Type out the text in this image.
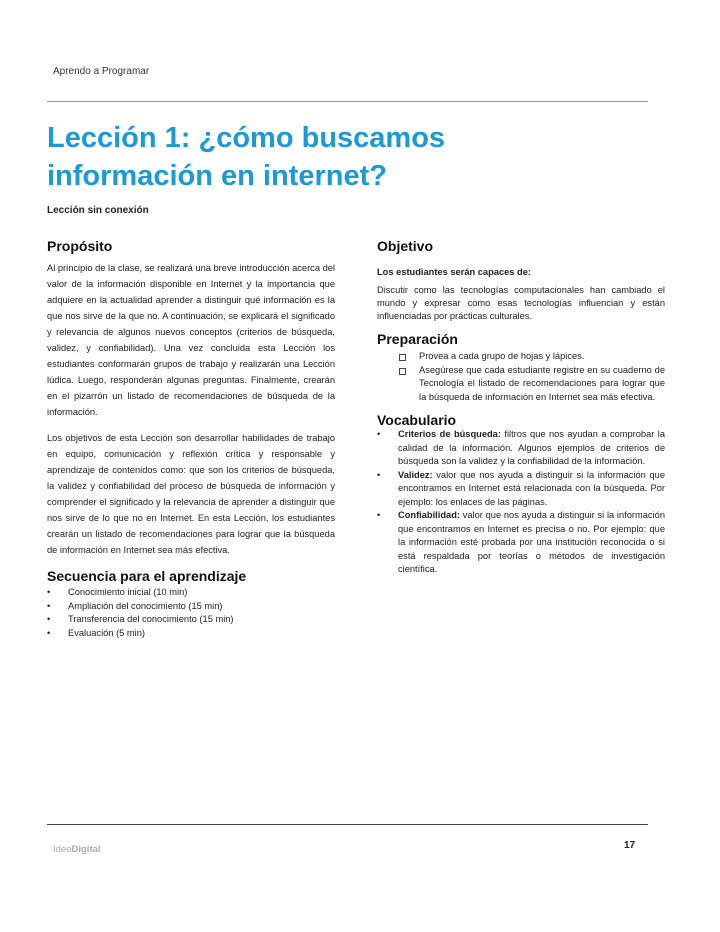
Aprendo a Programar
Lección 1: ¿cómo buscamos información en internet?
Lección sin conexión
Propósito

Al principio de la clase, se realizará una breve introducción acerca del valor de la información disponible en Internet y la importancia que adquiere en la actualidad aprender a distinguir qué información es la que nos sirve de la que no. A continuación, se explicará el significado y relevancia de algunos nuevos conceptos (criterios de búsqueda, validez, y confiabilidad). Una vez concluida esta Lección los estudiantes conformarán grupos de trabajo y realizarán una Lección lúdica. Luego, responderán algunas preguntas. Finalmente, crearán en el pizarrón un listado de recomendaciones de búsqueda de la información.

Los objetivos de esta Lección son desarrollar habilidades de trabajo en equipo, comunicación y reflexión crítica y responsable y aprendizaje de contenidos como: que son los criterios de búsqueda, la validez y confiabilidad del proceso de búsqueda de información y comprender el significado y la relevancia de aprender a distinguir que nos sirve de lo que no en Internet. En esta Lección, los estudiantes crearán un listado de recomendaciones para lograr que la búsqueda de información en Internet sea más efectiva.

Secuencia para el aprendizaje
• Conocimiento inicial (10 min)
• Ampliación del conocimiento (15 min)
• Transferencia del conocimiento (15 min)
• Evaluación (5 min)
Objetivo

Los estudiantes serán capaces de:

Discutir como las tecnologías computacionales han cambiado el mundo y expresar como esas tecnologías influencian y están influenciadas por prácticas culturales.

Preparación
Provea a cada grupo de hojas y lápices.
Asegúrese que cada estudiante registre en su cuaderno de Tecnología el listado de recomendaciones para lograr que la búsqueda de información en Internet sea más efectiva.
Vocabulario
• Criterios de búsqueda: filtros que nos ayudan a comprobar la calidad de la información. Algunos ejemplos de criterios de búsqueda son la validez y la confiabilidad de la información.
• Validez: valor que nos ayuda a distinguir si la información que encontramos en Internet está relacionada con la búsqueda. Por ejemplo: los enlaces de las páginas.
• Confiabilidad: valor que nos ayuda a distinguir si la información que encontramos en Internet es precisa o no. Por ejemplo: que la información esté probada por una institución reconocida o si está respaldada por teorías o métodos de investigación científica.
IdeoDigital	17
